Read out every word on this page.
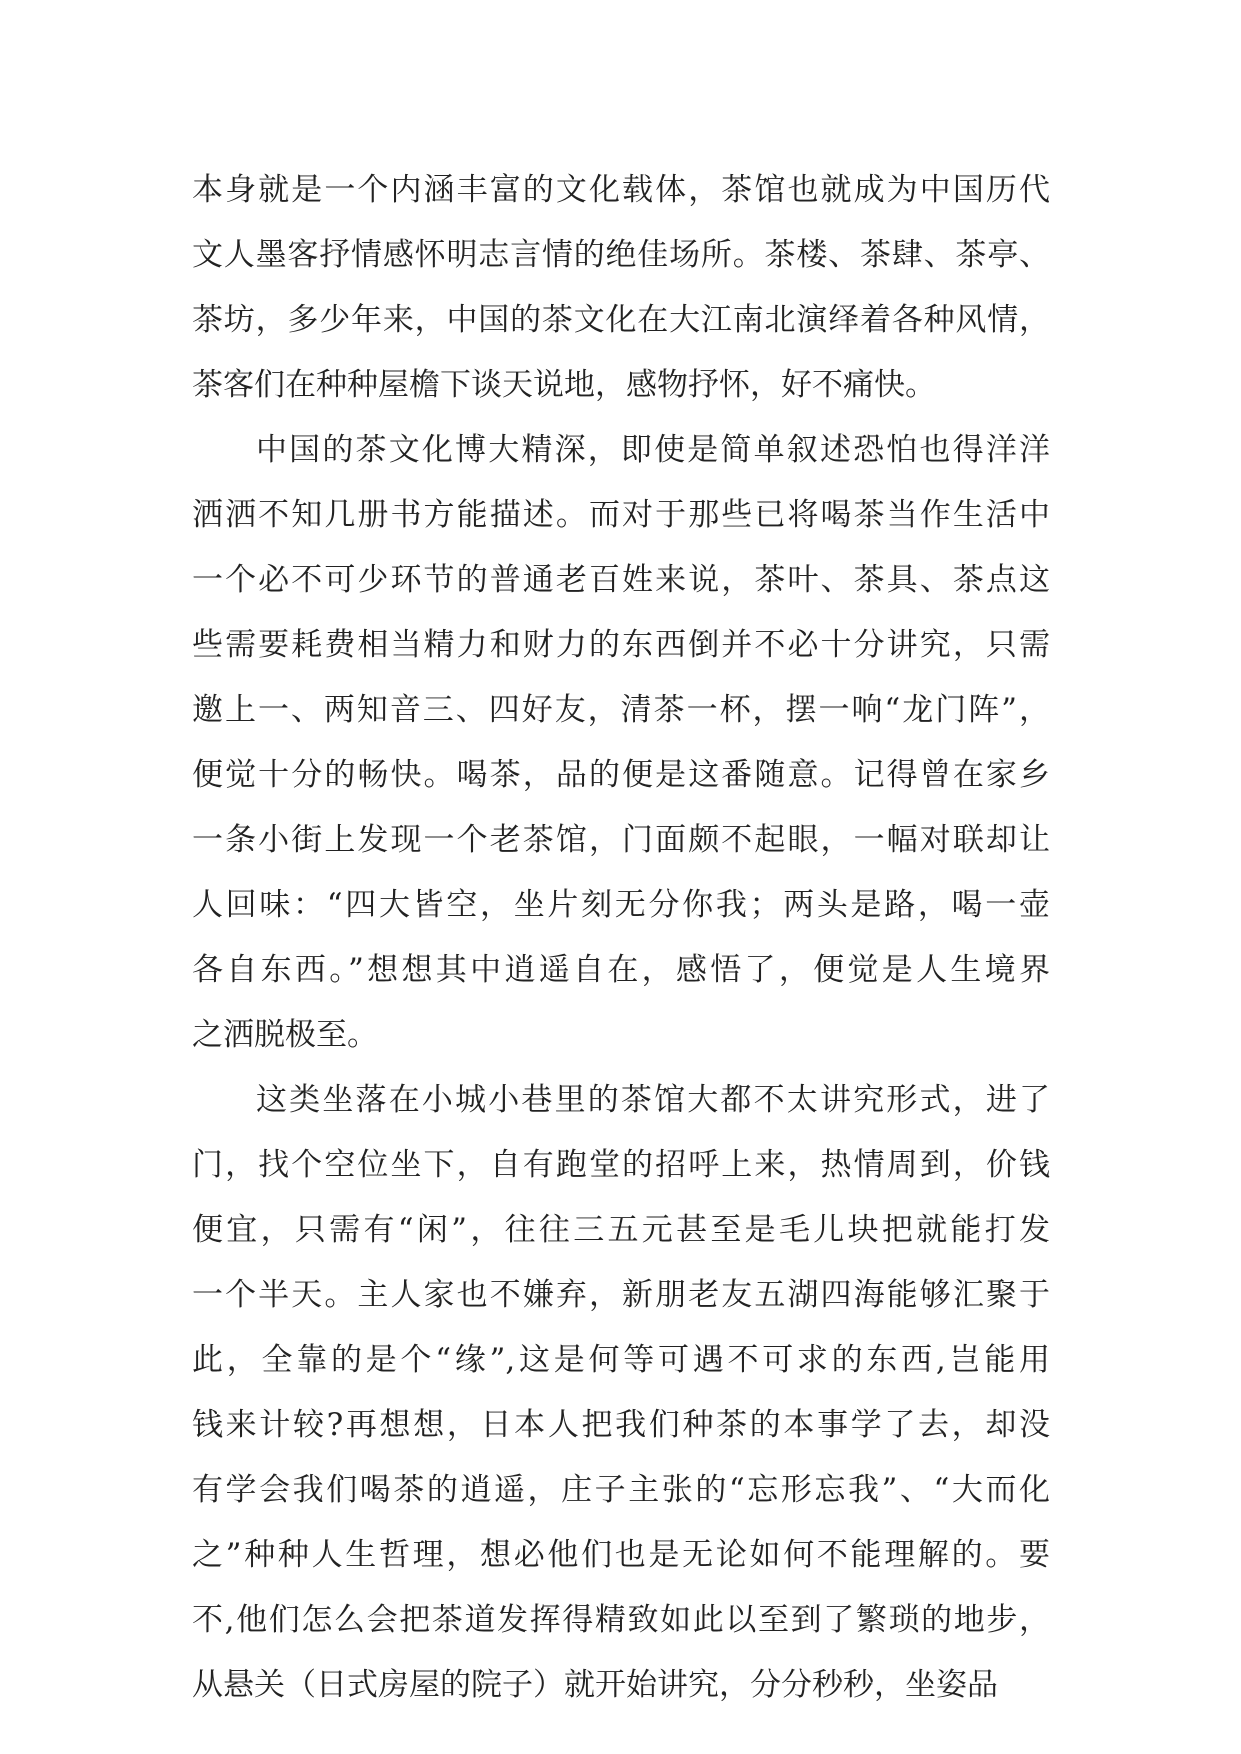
本身就是一个内涵丰富的文化载体，茶馆也就成为中国历代
文人墨客抒情感怀明志言情的绝佳场所。茶楼、茶肆、茶亭、
茶坊，多少年来，中国的茶文化在大江南北演绎着各种风情，
茶客们在种种屋檐下谈天说地，感物抒怀，好不痛快。
中国的茶文化博大精深，即使是简单叙述恐怕也得洋洋
洒洒不知几册书方能描述。而对于那些已将喝茶当作生活中
一个必不可少环节的普通老百姓来说，茶叶、茶具、茶点这
些需要耗费相当精力和财力的东西倒并不必十分讲究，只需
邀上一、两知音三、四好友，清茶一杯，摆一响“龙门阵”，
便觉十分的畅快。喝茶，品的便是这番随意。记得曾在家乡
一条小街上发现一个老茶馆，门面颇不起眼，一幅对联却让
人回味：“四大皆空，坐片刻无分你我；两头是路，喝一壶
各自东西。”想想其中逍遥自在，感悟了，便觉是人生境界
之洒脱极至。
这类坐落在小城小巷里的茶馆大都不太讲究形式，进了
门，找个空位坐下，自有跑堂的招呼上来，热情周到，价钱
便宜，只需有“闲”，往往三五元甚至是毛儿块把就能打发
一个半天。主人家也不嫌弃，新朋老友五湖四海能够汇聚于
此，全靠的是个“缘”,这是何等可遇不可求的东西,岂能用
钱来计较?再想想，日本人把我们种茶的本事学了去，却没
有学会我们喝茶的逍遥，庄子主张的“忘形忘我”、“大而化
之”种种人生哲理，想必他们也是无论如何不能理解的。要
不,他们怎么会把茶道发挥得精致如此以至到了繁琐的地步，
从悬关（日式房屋的院子）就开始讲究，分分秒秒，坐姿品
